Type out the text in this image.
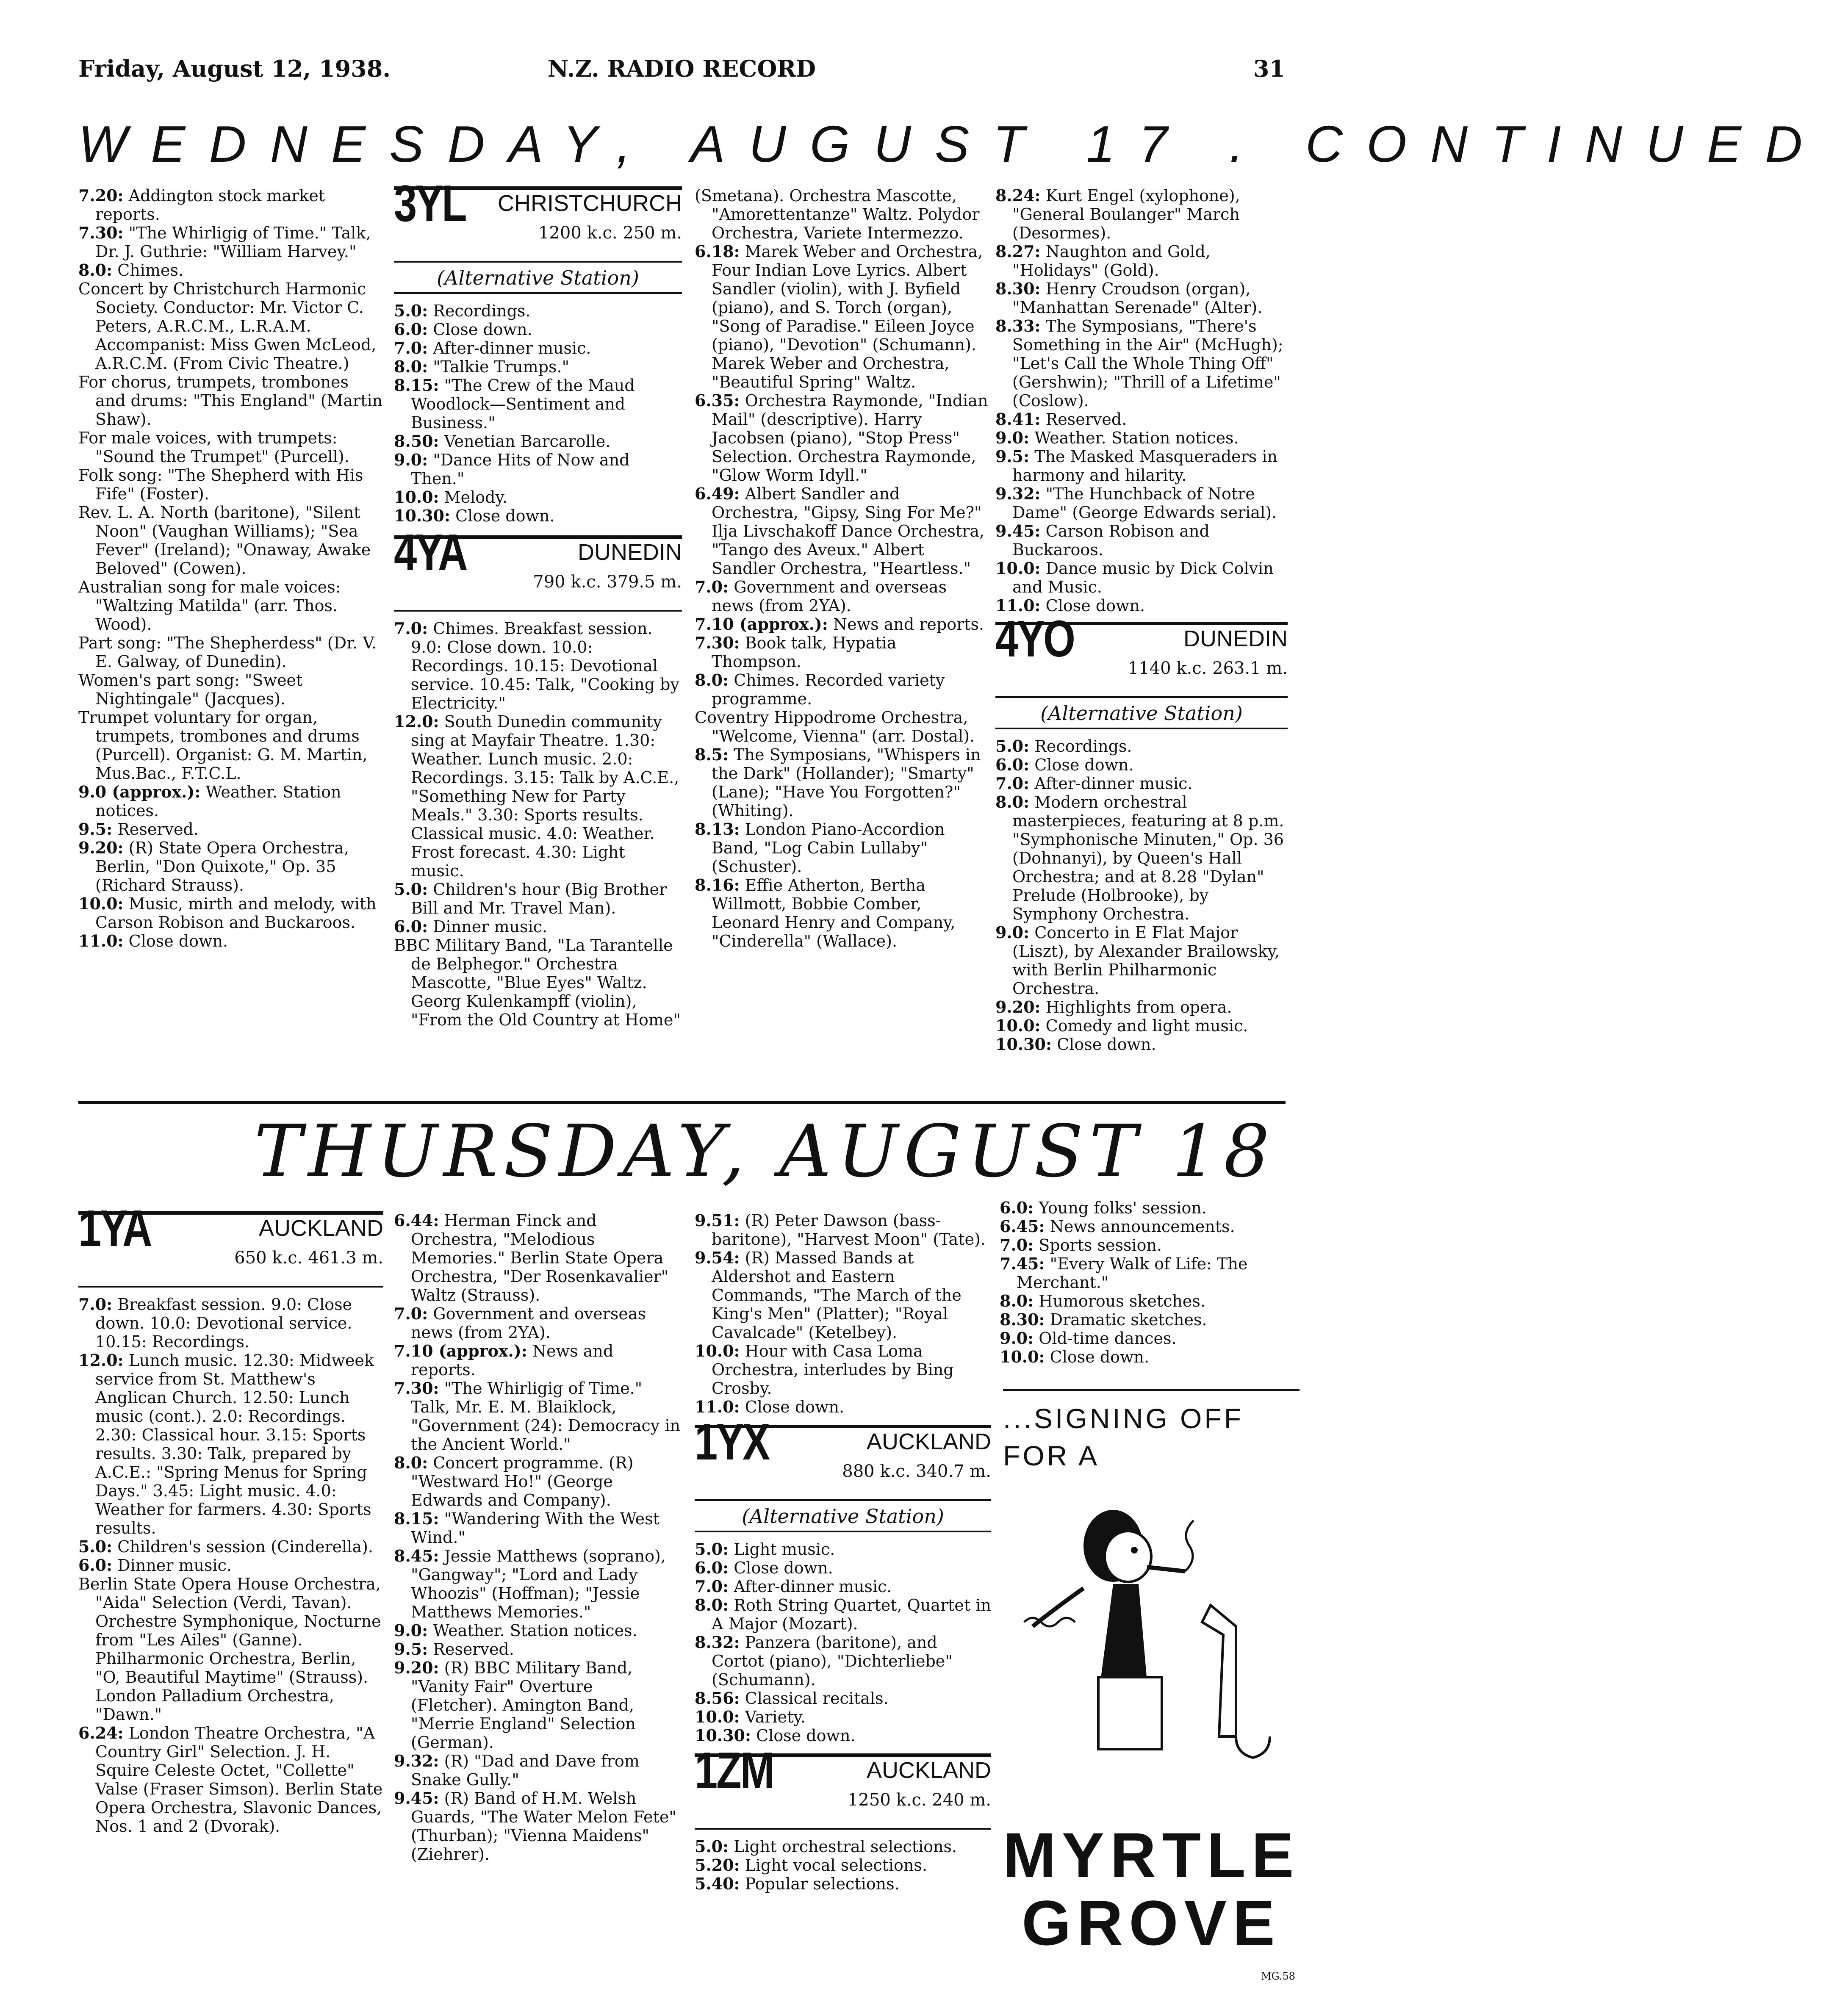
Friday, August 12, 1938.	N.Z. RADIO RECORD	31
WEDNESDAY, AUGUST 17 . CONTINUED

7.20: Addington stock market reports.

7.30: "The Whirligig of Time." Talk, Dr. J. Guthrie: "William Harvey."

8.0: Chimes.

Concert by Christchurch Harmonic Society. Conductor: Mr. Victor C. Peters, A.R.C.M., L.R.A.M. Accompanist: Miss Gwen McLeod, A.R.C.M. (From Civic Theatre.)

For chorus, trumpets, trombones and drums: "This England" (Martin Shaw).

For male voices, with trumpets: "Sound the Trumpet" (Purcell).

Folk song: "The Shepherd with His Fife" (Foster).

Rev. L. A. North (baritone), "Silent Noon" (Vaughan Williams); "Sea Fever" (Ireland); "Onaway, Awake Beloved" (Cowen).

Australian song for male voices: "Waltzing Matilda" (arr. Thos. Wood).

Part song: "The Shepherdess" (Dr. V. E. Galway, of Dunedin).

Women's part song: "Sweet Nightingale" (Jacques).

Trumpet voluntary for organ, trumpets, trombones and drums (Purcell). Organist: G. M. Martin, Mus.Bac., F.T.C.L.

9.0 (approx.): Weather. Station notices.

9.5: Reserved.

9.20: (R) State Opera Orchestra, Berlin, "Don Quixote," Op. 35 (Richard Strauss).

10.0: Music, mirth and melody, with Carson Robison and Buckaroos.

11.0: Close down.

3YL CHRISTCHURCH
1200 k.c. 250 m.
(Alternative Station)

5.0: Recordings.

6.0: Close down.

7.0: After-dinner music.

8.0: "Talkie Trumps."

8.15: "The Crew of the Maud Woodlock—Sentiment and Business."

8.50: Venetian Barcarolle.

9.0: "Dance Hits of Now and Then."

10.0: Melody.

10.30: Close down.

4YA	DUNEDIN
790 k.c. 379.5 m.

7.0: Chimes. Breakfast session. 9.0: Close down. 10.0: Recordings. 10.15: Devotional service. 10.45: Talk, "Cooking by Electricity."

12.0: South Dunedin community sing at Mayfair Theatre. 1.30: Weather. Lunch music. 2.0: Recordings. 3.15: Talk by A.C.E., "Something New for Party Meals." 3.30: Sports results. Classical music. 4.0: Weather. Frost forecast. 4.30: Light music.

5.0: Children's hour (Big Brother Bill and Mr. Travel Man).

6.0: Dinner music.

BBC Military Band, "La Tarantelle de Belphegor." Orchestra Mascotte, "Blue Eyes" Waltz. Georg Kulenkampff (violin), "From the Old Country at Home"

(Smetana). Orchestra Mascotte, "Amorettentanze" Waltz. Polydor Orchestra, Variete Intermezzo.

6.18: Marek Weber and Orchestra, Four Indian Love Lyrics. Albert Sandler (violin), with J. Byfield (piano), and S. Torch (organ), "Song of Paradise." Eileen Joyce (piano), "Devotion" (Schumann). Marek Weber and Orchestra, "Beautiful Spring" Waltz.

6.35: Orchestra Raymonde, "Indian Mail" (descriptive). Harry Jacobsen (piano), "Stop Press" Selection. Orchestra Raymonde, "Glow Worm Idyll."

6.49: Albert Sandler and Orchestra, "Gipsy, Sing For Me?" Ilja Livschakoff Dance Orchestra, "Tango des Aveux." Albert Sandler Orchestra, "Heartless."

7.0: Government and overseas news (from 2YA).

7.10 (approx.): News and reports.

7.30: Book talk, Hypatia Thompson.

8.0: Chimes. Recorded variety programme.

Coventry Hippodrome Orchestra, "Welcome, Vienna" (arr. Dostal).

8.5: The Symposians, "Whispers in the Dark" (Hollander); "Smarty" (Lane); "Have You Forgotten?" (Whiting).

8.13: London Piano-Accordion Band, "Log Cabin Lullaby" (Schuster).

8.16: Effie Atherton, Bertha Willmott, Bobbie Comber, Leonard Henry and Company, "Cinderella" (Wallace).

8.24: Kurt Engel (xylophone), "General Boulanger" March (Desormes).

8.27: Naughton and Gold, "Holidays" (Gold).

8.30: Henry Croudson (organ), "Manhattan Serenade" (Alter).

8.33: The Symposians, "There's Something in the Air" (McHugh); "Let's Call the Whole Thing Off" (Gershwin); "Thrill of a Lifetime" (Coslow).

8.41: Reserved.

9.0: Weather. Station notices.

9.5: The Masked Masqueraders in harmony and hilarity.

9.32: "The Hunchback of Notre Dame" (George Edwards serial).

9.45: Carson Robison and Buckaroos.

10.0: Dance music by Dick Colvin and Music.

11.0: Close down.

4YO	DUNEDIN
1140 k.c. 263.1 m.
(Alternative Station)

5.0: Recordings.

6.0: Close down.

7.0: After-dinner music.

8.0: Modern orchestral masterpieces, featuring at 8 p.m. "Symphonische Minuten," Op. 36 (Dohnanyi), by Queen's Hall Orchestra; and at 8.28 "Dylan" Prelude (Holbrooke), by Symphony Orchestra.

9.0: Concerto in E Flat Major (Liszt), by Alexander Brailowsky, with Berlin Philharmonic Orchestra.

9.20: Highlights from opera.

10.0: Comedy and light music.

10.30: Close down.

THURSDAY, AUGUST 18
1YA	AUCKLAND
650 k.c. 461.3 m.

7.0: Breakfast session. 9.0: Close down. 10.0: Devotional service. 10.15: Recordings.

12.0: Lunch music. 12.30: Midweek service from St. Matthew's Anglican Church. 12.50: Lunch music (cont.). 2.0: Recordings. 2.30: Classical hour. 3.15: Sports results. 3.30: Talk, prepared by A.C.E.: "Spring Menus for Spring Days." 3.45: Light music. 4.0: Weather for farmers. 4.30: Sports results.

5.0: Children's session (Cinderella).

6.0: Dinner music.

Berlin State Opera House Orchestra, "Aida" Selection (Verdi, Tavan). Orchestre Symphonique, Nocturne from "Les Ailes" (Ganne). Philharmonic Orchestra, Berlin, "O, Beautiful Maytime" (Strauss). London Palladium Orchestra, "Dawn."

6.24: London Theatre Orchestra, "A Country Girl" Selection. J. H. Squire Celeste Octet, "Collette" Valse (Fraser Simson). Berlin State Opera Orchestra, Slavonic Dances, Nos. 1 and 2 (Dvorak).

6.44: Herman Finck and Orchestra, "Melodious Memories." Berlin State Opera Orchestra, "Der Rosenkavalier" Waltz (Strauss).

7.0: Government and overseas news (from 2YA).

7.10 (approx.): News and reports.

7.30: "The Whirligig of Time." Talk, Mr. E. M. Blaiklock, "Government (24): Democracy in the Ancient World."

8.0: Concert programme. (R) "Westward Ho!" (George Edwards and Company).

8.15: "Wandering With the West Wind."

8.45: Jessie Matthews (soprano), "Gangway"; "Lord and Lady Whoozis" (Hoffman); "Jessie Matthews Memories."

9.0: Weather. Station notices.

9.5: Reserved.

9.20: (R) BBC Military Band, "Vanity Fair" Overture (Fletcher). Amington Band, "Merrie England" Selection (German).

9.32: (R) "Dad and Dave from Snake Gully."

9.45: (R) Band of H.M. Welsh Guards, "The Water Melon Fete" (Thurban); "Vienna Maidens" (Ziehrer).

9.51: (R) Peter Dawson (bass-baritone), "Harvest Moon" (Tate).

9.54: (R) Massed Bands at Aldershot and Eastern Commands, "The March of the King's Men" (Platter); "Royal Cavalcade" (Ketelbey).

10.0: Hour with Casa Loma Orchestra, interludes by Bing Crosby.

11.0: Close down.

1YX	AUCKLAND
880 k.c. 340.7 m.
(Alternative Station)

5.0: Light music.

6.0: Close down.

7.0: After-dinner music.

8.0: Roth String Quartet, Quartet in A Major (Mozart).

8.32: Panzera (baritone), and Cortot (piano), "Dichterliebe" (Schumann).

8.56: Classical recitals.

10.0: Variety.

10.30: Close down.

1ZM	AUCKLAND
1250 k.c. 240 m.

5.0: Light orchestral selections.

5.20: Light vocal selections.

5.40: Popular selections.

6.0: Young folks' session.

6.45: News announcements.

7.0: Sports session.

7.45: "Every Walk of Life: The Merchant."

8.0: Humorous sketches.

8.30: Dramatic sketches.

9.0: Old-time dances.

10.0: Close down.

...SIGNING OFF
FOR A
MYRTLE
GROVE
MG.58
